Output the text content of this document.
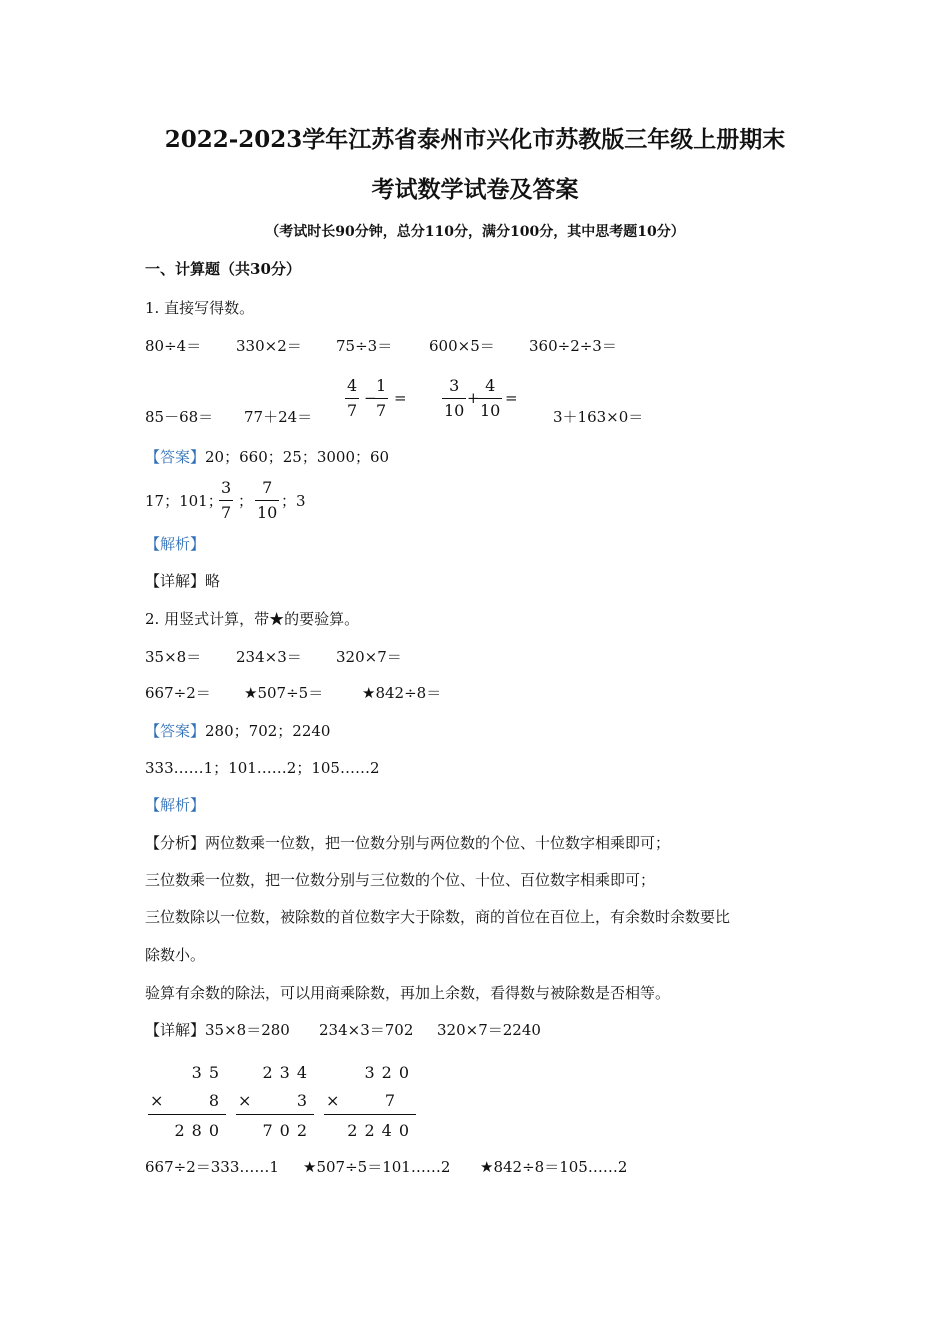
2022-2023学年江苏省泰州市兴化市苏教版三年级上册期末
考试数学试卷及答案
（考试时长90分钟，总分110分，满分100分，其中思考题10分）
一、计算题（共30分）
1. 直接写得数。
80÷4＝ 330×2＝ 75÷3＝ 600×5＝ 360÷2÷3＝
$85-68= 77+24= \frac{4}{7}$ −
$\frac{1}{7} = \frac{3}{10}$ +
$\frac{4}{10}$ =
3＋163×0＝
【答案】20；660；25；3000；60
17；101；
$\frac{3}{7}$ ； $\frac{7}{10}$ ；3
【解析】
【详解】略
2. 用竖式计算，带★的要验算。
35×8＝ 234×3＝ 320×7＝
667÷2＝ ★507÷5＝	★842÷8＝
【答案】280；702；2240
333……1；101……2；105……2
【解析】
【分析】两位数乘一位数，把一位数分别与两位数的个位、十位数字相乘即可；
三位数乘一位数，把一位数分别与三位数的个位、十位、百位数字相乘即可；
三位数除以一位数，被除数的首位数字大于除数，商的首位在百位上，有余数时余数要比
除数小。
验算有余数的除法，可以用商乘除数，再加上余数，看得数与被除数是否相等。
【详解】35×8＝280 234×3＝702 320×7＝2240
35
× 8
280
234
× 3
702
320
× 7
2240
667÷2＝333……1 ★507÷5＝101……2 ★842÷8＝105……2
